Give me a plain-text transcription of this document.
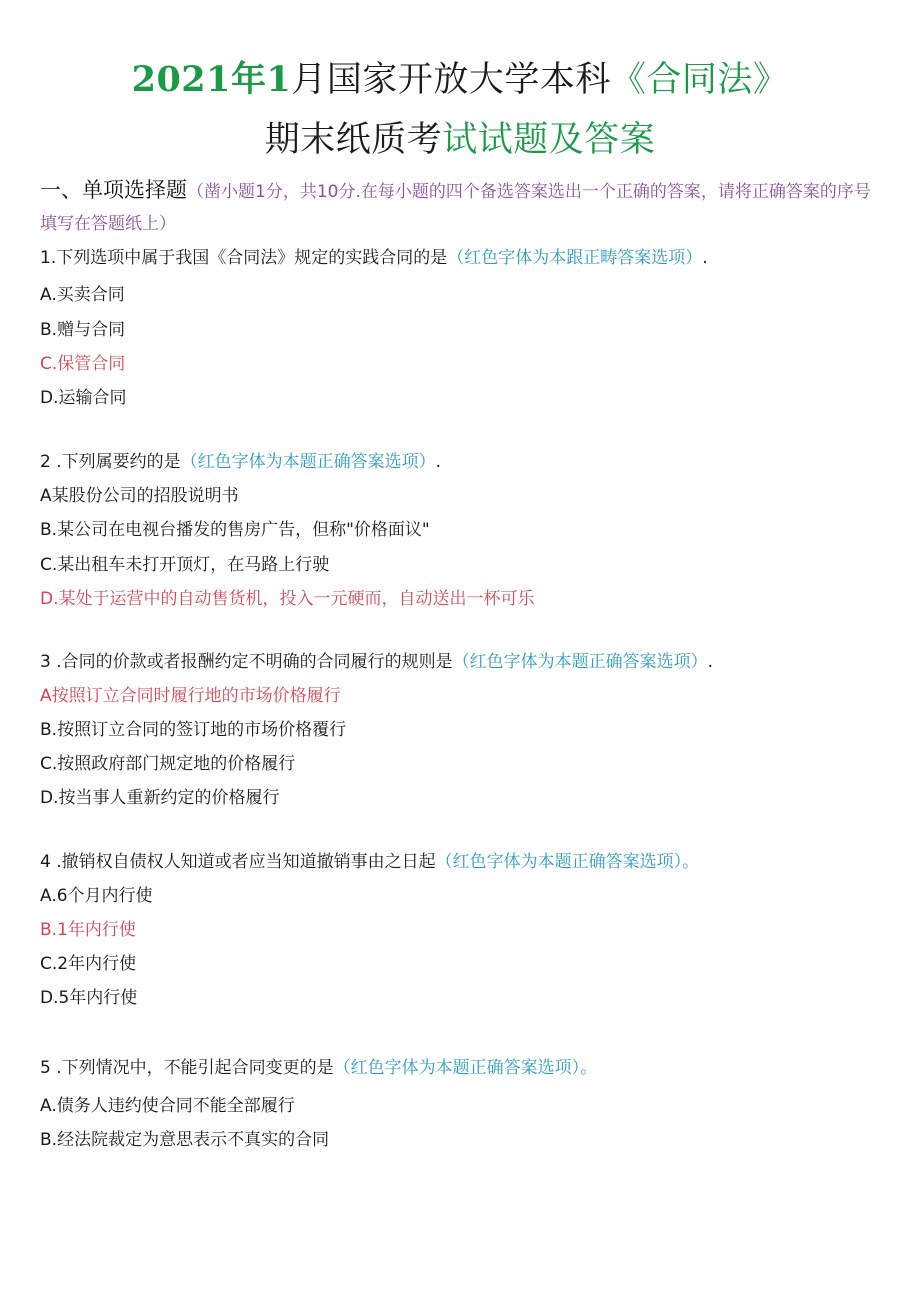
2021年1月国家开放大学本科《合同法》
期末纸质考试试题及答案
一、单项选择题（凿小题1分，共10分.在每小题的四个备选答案选出一个正确的答案，请将正确答案的序号填写在答题纸上）
1.下列选项中属于我国《合同法》规定的实践合同的是（红色字体为本跟正畴答案选项）.
A.买卖合同
B.赠与合同
C.保管合同
D.运输合同
2 .下列属要约的是（红色字体为本题正确答案选项）.
A某股份公司的招股说明书
B.某公司在电视台播发的售房广告，但称"价格面议"
C.某出租车未打开顶灯，在马路上行驶
D.某处于运营中的自动售货机，投入一元硬而，自动送出一杯可乐
3 .合同的价款或者报酬约定不明确的合同履行的规则是（红色字体为本题正确答案选项）.
A按照订立合同时履行地的市场价格履行
B.按照订立合同的签订地的市场价格覆行
C.按照政府部门规定地的价格履行
D.按当事人重新约定的价格履行
4 .撤销权自债权人知道或者应当知道撤销事由之日起（红色字体为本题正确答案选项）。
A.6个月内行使
B.1年内行使
C.2年内行使
D.5年内行使
5 .下列情况中，不能引起合同变更的是（红色字体为本题正确答案选项）。
A.债务人违约使合同不能全部履行
B.经法院裁定为意思表示不真实的合同
